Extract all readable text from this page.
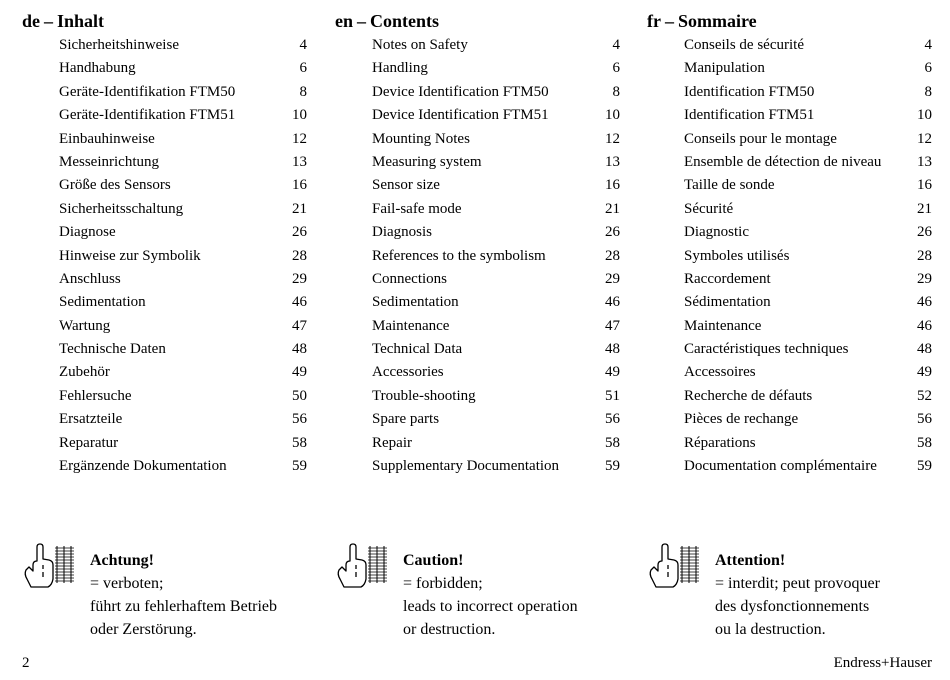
de – Inhalt
Sicherheitshinweise	4
Handhabung	6
Geräte-Identifikation FTM50	8
Geräte-Identifikation FTM51	10
Einbauhinweise	12
Messeinrichtung	13
Größe des Sensors	16
Sicherheitsschaltung	21
Diagnose	26
Hinweise zur Symbolik	28
Anschluss	29
Sedimentation	46
Wartung	47
Technische Daten	48
Zubehör	49
Fehlersuche	50
Ersatzteile	56
Reparatur	58
Ergänzende Dokumentation	59
en – Contents
Notes on Safety	4
Handling	6
Device Identification FTM50	8
Device Identification FTM51	10
Mounting Notes	12
Measuring system	13
Sensor size	16
Fail-safe mode	21
Diagnosis	26
References to the symbolism	28
Connections	29
Sedimentation	46
Maintenance	47
Technical Data	48
Accessories	49
Trouble-shooting	51
Spare parts	56
Repair	58
Supplementary Documentation	59
fr – Sommaire
Conseils de sécurité	4
Manipulation	6
Identification FTM50	8
Identification FTM51	10
Conseils pour le montage	12
Ensemble de détection de niveau 13
Taille de sonde	16
Sécurité	21
Diagnostic	26
Symboles utilisés	28
Raccordement	29
Sédimentation	46
Maintenance	46
Caractéristiques techniques	48
Accessoires	49
Recherche de défauts	52
Pièces de rechange	56
Réparations	58
Documentation complémentaire	59
Achtung!
= verboten;
führt zu fehlerhaftem Betrieb
oder Zerstörung.
Caution!
= forbidden;
leads to incorrect operation
or destruction.
Attention!
= interdit; peut provoquer
des dysfonctionnements
ou la destruction.
2	Endress+Hauser
